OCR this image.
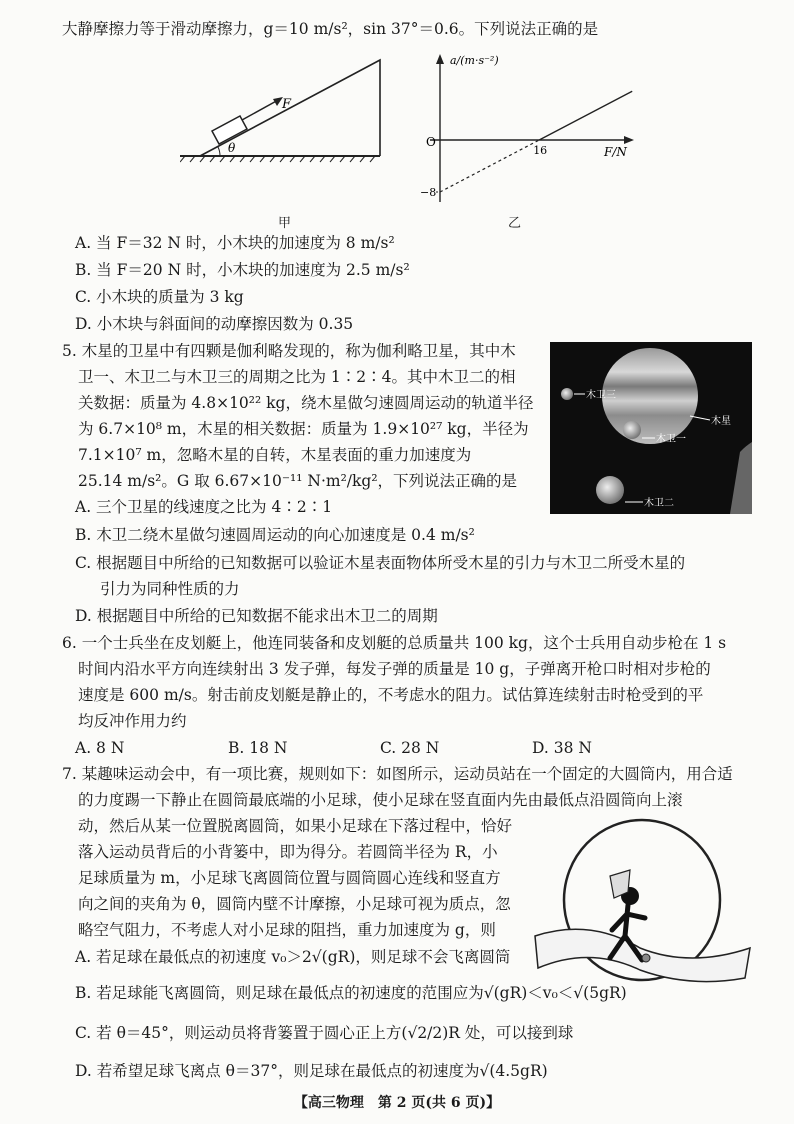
大静摩擦力等于滑动摩擦力，g＝10 m/s²，sin 37°＝0.6。下列说法正确的是
F
θ
甲
a/(m·s⁻²)
F/N
O
16
−8
乙
A. 当 F＝32 N 时，小木块的加速度为 8 m/s²
B. 当 F＝20 N 时，小木块的加速度为 2.5 m/s²
C. 小木块的质量为 3 kg
D. 小木块与斜面间的动摩擦因数为 0.35
5. 木星的卫星中有四颗是伽利略发现的，称为伽利略卫星，其中木
卫一、木卫二与木卫三的周期之比为 1∶2∶4。其中木卫二的相
关数据：质量为 4.8×10²² kg，绕木星做匀速圆周运动的轨道半径
为 6.7×10⁸ m，木星的相关数据：质量为 1.9×10²⁷ kg，半径为
7.1×10⁷ m，忽略木星的自转，木星表面的重力加速度为
25.14 m/s²。G 取 6.67×10⁻¹¹ N·m²/kg²，下列说法正确的是
木卫三
木星
木卫一
木卫二
A. 三个卫星的线速度之比为 4∶2∶1
B. 木卫二绕木星做匀速圆周运动的向心加速度是 0.4 m/s²
C. 根据题目中所给的已知数据可以验证木星表面物体所受木星的引力与木卫二所受木星的
引力为同种性质的力
D. 根据题目中所给的已知数据不能求出木卫二的周期
6. 一个士兵坐在皮划艇上，他连同装备和皮划艇的总质量共 100 kg，这个士兵用自动步枪在 1 s
时间内沿水平方向连续射出 3 发子弹，每发子弹的质量是 10 g，子弹离开枪口时相对步枪的
速度是 600 m/s。射击前皮划艇是静止的，不考虑水的阻力。试估算连续射击时枪受到的平
均反冲作用力约
A. 8 N	B. 18 N	C. 28 N	D. 38 N
7. 某趣味运动会中，有一项比赛，规则如下：如图所示，运动员站在一个固定的大圆筒内，用合适
的力度踢一下静止在圆筒最底端的小足球，使小足球在竖直面内先由最低点沿圆筒向上滚
动，然后从某一位置脱离圆筒，如果小足球在下落过程中，恰好
落入运动员背后的小背篓中，即为得分。若圆筒半径为 R，小
足球质量为 m，小足球飞离圆筒位置与圆筒圆心连线和竖直方
向之间的夹角为 θ，圆筒内壁不计摩擦，小足球可视为质点，忽
略空气阻力，不考虑人对小足球的阻挡，重力加速度为 g，则
A. 若足球在最低点的初速度 v₀＞2√(gR)，则足球不会飞离圆筒
B. 若足球能飞离圆筒，则足球在最低点的初速度的范围应为√(gR)＜v₀＜√(5gR)
C. 若 θ＝45°，则运动员将背篓置于圆心正上方(√2/2)R 处，可以接到球
D. 若希望足球飞离点 θ＝37°，则足球在最低点的初速度为√(4.5gR)
【高三物理　第 2 页(共 6 页)】
